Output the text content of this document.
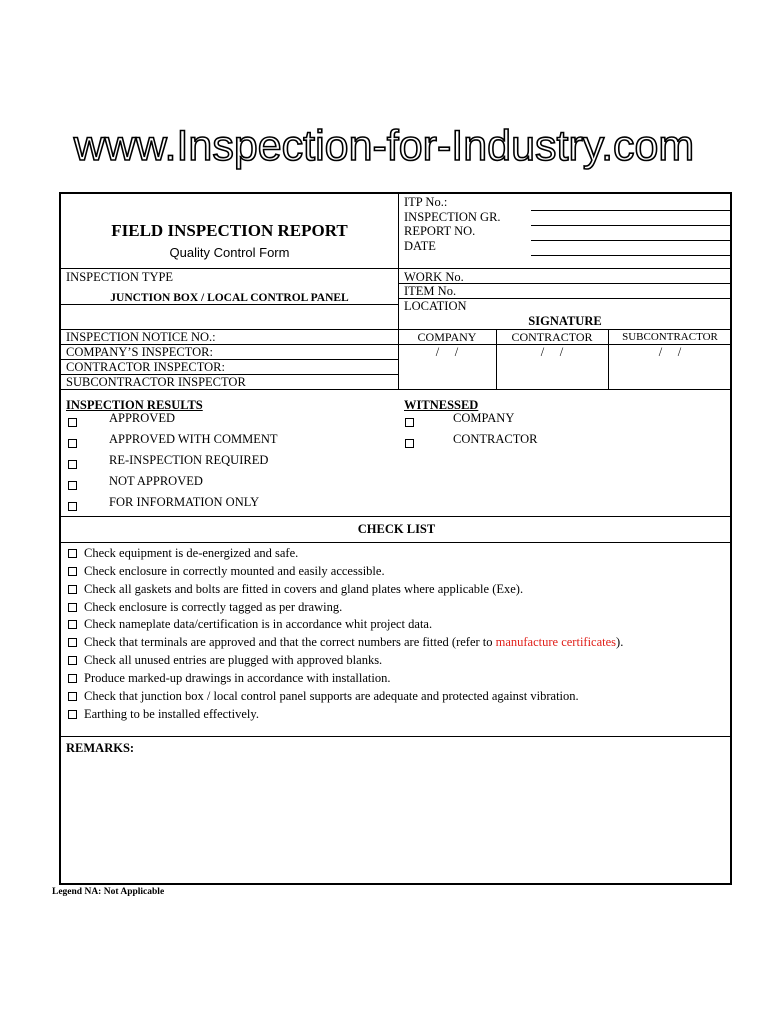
www.Inspection-for-Industry.com
FIELD INSPECTION REPORT
Quality Control Form
ITP No.:
INSPECTION GR.
REPORT NO.
DATE
INSPECTION TYPE
JUNCTION BOX / LOCAL CONTROL PANEL
WORK No.
ITEM No.
LOCATION
SIGNATURE
COMPANY	CONTRACTOR	SUBCONTRACTOR
/     /	/     /	/     /
INSPECTION NOTICE NO.:
COMPANY’S INSPECTOR:
CONTRACTOR INSPECTOR:
SUBCONTRACTOR INSPECTOR
INSPECTION RESULTS
APPROVED
APPROVED WITH COMMENT
RE-INSPECTION REQUIRED
NOT APPROVED
FOR INFORMATION ONLY
WITNESSED
COMPANY
CONTRACTOR
CHECK LIST
Check equipment is de-energized and safe.
Check enclosure in correctly mounted and easily accessible.
Check all gaskets and bolts are fitted in covers and gland plates where applicable (Exe).
Check enclosure is correctly tagged as per drawing.
Check nameplate data/certification is in accordance whit project data.
Check that terminals are approved and that the correct numbers are fitted (refer to manufacture certificates).
Check all unused entries are plugged with approved blanks.
Produce marked-up drawings in accordance with installation.
Check that junction box / local control panel supports are adequate and protected against vibration.
Earthing to be installed effectively.
REMARKS:
Legend NA: Not Applicable
